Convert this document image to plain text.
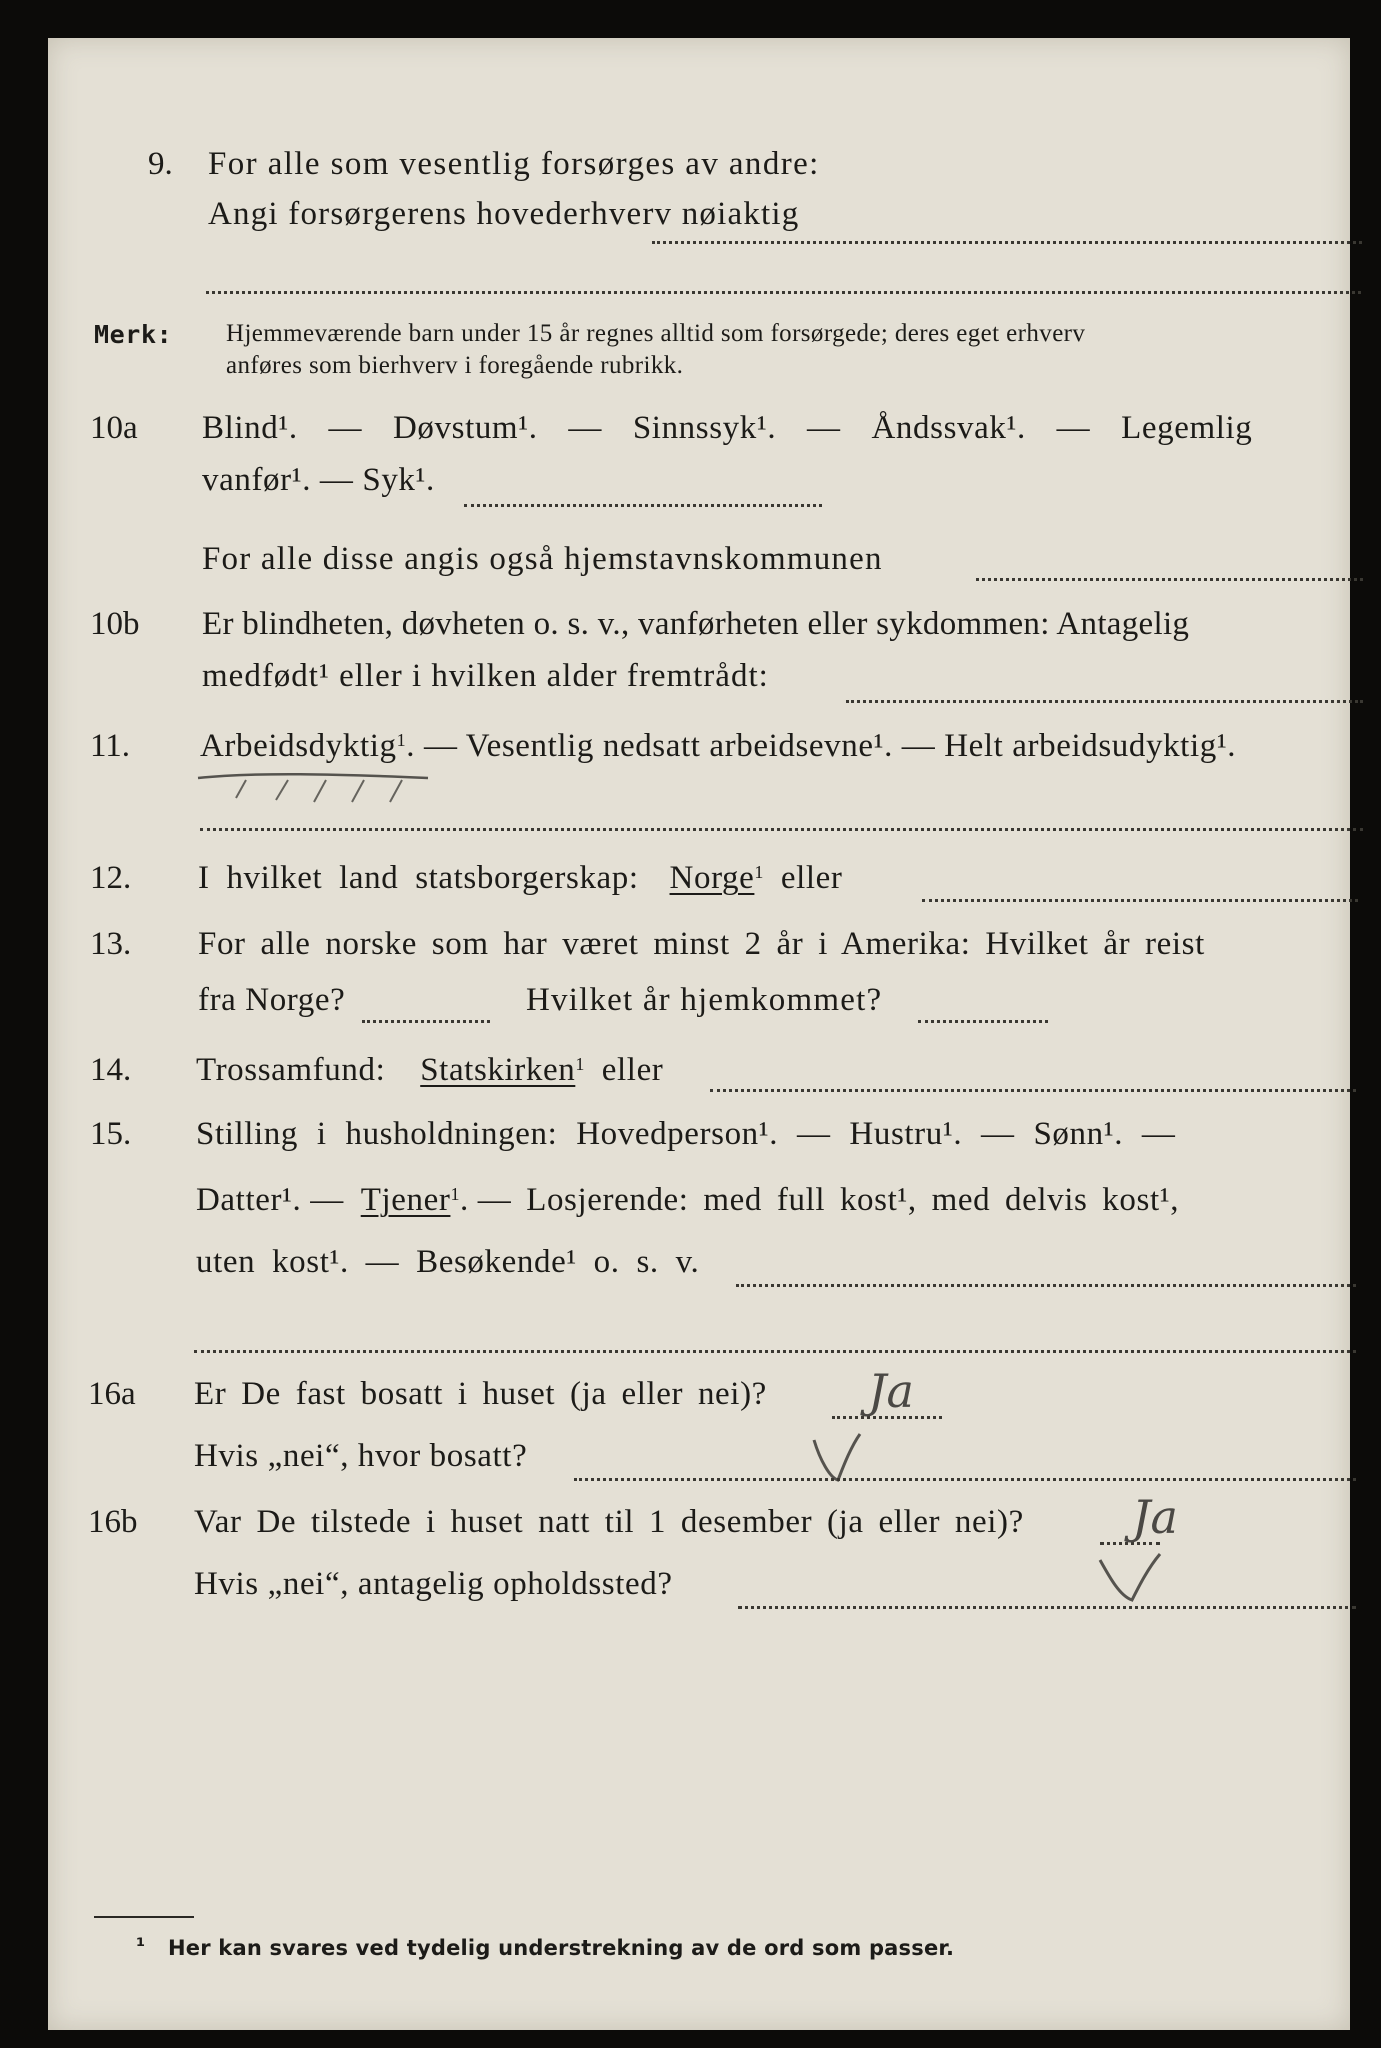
9. For alle som vesentlig forsørges av andre:
Angi forsørgerens hovederhverv nøiaktig
Merk: Hjemmeværende barn under 15 år regnes alltid som forsørgede; deres eget erhverv
anføres som bierhverv i foregående rubrikk.
10a Blind¹. — Døvstum¹. — Sinnssyk¹. — Åndssvak¹. — Legemlig
vanfør¹. — Syk¹.
For alle disse angis også hjemstavnskommunen
10b Er blindheten, døvheten o. s. v., vanførheten eller sykdommen: Antagelig
medfødt¹ eller i hvilken alder fremtrådt:
11. Arbeidsdyktig$^1$. — Vesentlig nedsatt arbeidsevne¹. — Helt arbeidsudyktig¹.
12. I hvilket land statsborgerskap: Norge$^1$ eller
13. For alle norske som har været minst 2 år i Amerika: Hvilket år reist
fra Norge?	Hvilket år hjemkommet?
14. Trossamfund: Statskirken$^1$ eller
15. Stilling i husholdningen: Hovedperson¹. — Hustru¹. — Sønn¹. —
Datter¹. — Tjener$^1$. — Losjerende: med full kost¹, med delvis kost¹,
uten kost¹. — Besøkende¹ o. s. v.
16a Er De fast bosatt i huset (ja eller nei)? Ja
Hvis „nei“, hvor bosatt?
16b Var De tilstede i huset natt til 1 desember (ja eller nei)? Ja
Hvis „nei“, antagelig opholdssted?
¹ Her kan svares ved tydelig understrekning av de ord som passer.
